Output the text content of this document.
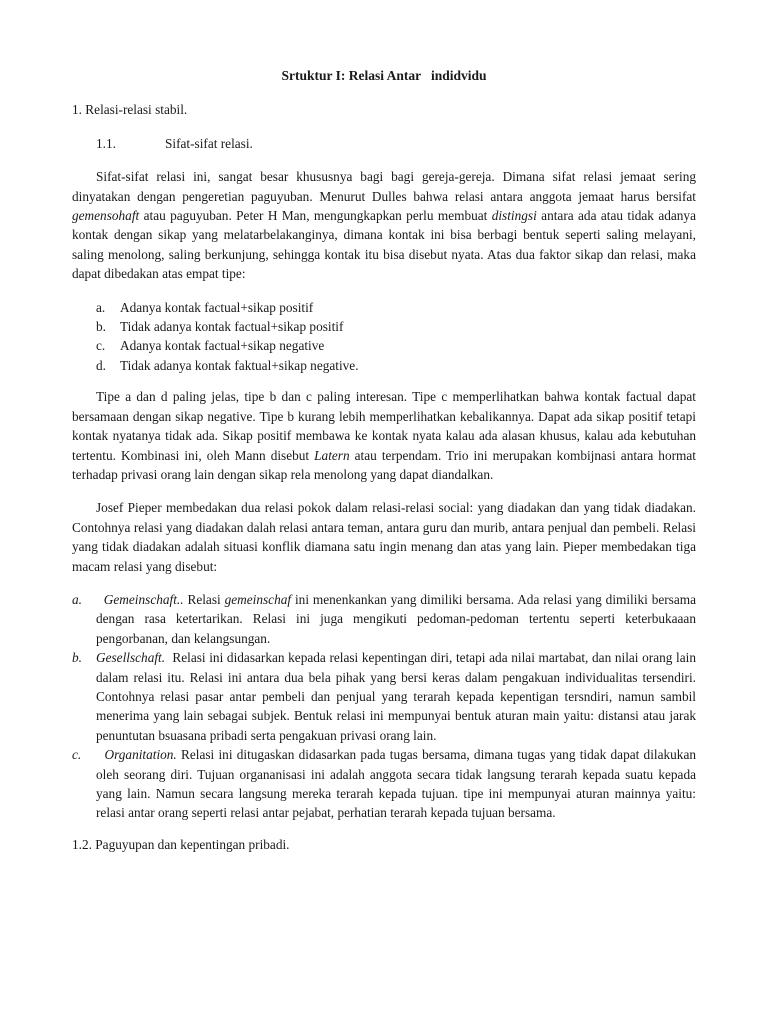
Srtuktur I: Relasi Antar   indidvidu
1. Relasi-relasi stabil.
1.1.	Sifat-sifat relasi.

Sifat-sifat relasi ini, sangat besar khususnya bagi bagi gereja-gereja. Dimana sifat relasi jemaat sering dinyatakan dengan pengeretian paguyuban. Menurut Dulles bahwa relasi antara anggota jemaat harus bersifat gemensohaft atau paguyuban. Peter H Man, mengungkapkan perlu membuat distingsi antara ada atau tidak adanya kontak dengan sikap yang melatarbelakanginya, dimana kontak ini bisa berbagi bentuk seperti saling melayani, saling menolong, saling berkunjung, sehingga kontak itu bisa disebut nyata. Atas dua faktor sikap dan relasi, maka dapat dibedakan atas empat tipe:

a. Adanya kontak factual+sikap positif
b. Tidak adanya kontak factual+sikap positif
c. Adanya kontak factual+sikap negative
d. Tidak adanya kontak faktual+sikap negative.

Tipe a dan d paling jelas, tipe b dan c paling interesan. Tipe c memperlihatkan bahwa kontak factual dapat bersamaan dengan sikap negative. Tipe b kurang lebih memperlihatkan kebalikannya. Dapat ada sikap positif tetapi kontak nyatanya tidak ada. Sikap positif membawa ke kontak nyata kalau ada alasan khusus, kalau ada kebutuhan tertentu. Kombinasi ini, oleh Mann disebut Latern atau terpendam. Trio ini merupakan kombijnasi antara hormat terhadap privasi orang lain dengan sikap rela menolong yang dapat diandalkan.

Josef Pieper membedakan dua relasi pokok dalam relasi-relasi social: yang diadakan dan yang tidak diadakan. Contohnya relasi yang diadakan dalah relasi antara teman, antara guru dan murib, antara penjual dan pembeli. Relasi yang tidak diadakan adalah situasi konflik diamana satu ingin menang dan atas yang lain. Pieper membedakan tiga macam relasi yang disebut:

a. Gemeinschaft.. Relasi gemeinschaf ini menenkankan yang dimiliki bersama. Ada relasi yang dimiliki bersama dengan rasa ketertarikan. Relasi ini juga mengikuti pedoman-pedoman tertentu seperti keterbukaaan pengorbanan, dan kelangsungan.
b. Gesellschaft.  Relasi ini didasarkan kepada relasi kepentingan diri, tetapi ada nilai martabat, dan nilai orang lain dalam relasi itu. Relasi ini antara dua bela pihak yang bersi keras dalam pengakuan individualitas tersendiri. Contohnya relasi pasar antar pembeli dan penjual yang terarah kepada kepentigan tersndiri, namun sambil menerima yang lain sebagai subjek. Bentuk relasi ini mempunyai bentuk aturan main yaitu: distansi atau jarak penuntutan bsuasana pribadi serta pengakuan privasi orang lain.
c. Organitation. Relasi ini ditugaskan didasarkan pada tugas bersama, dimana tugas yang tidak dapat dilakukan oleh seorang diri. Tujuan organanisasi ini adalah anggota secara tidak langsung terarah kepada suatu kepada yang lain. Namun secara langsung mereka terarah kepada tujuan. tipe ini mempunyai aturan mainnya yaitu: relasi antar orang seperti relasi antar pejabat, perhatian terarah kepada tujuan bersama.
1.2. Paguyupan dan kepentingan pribadi.
